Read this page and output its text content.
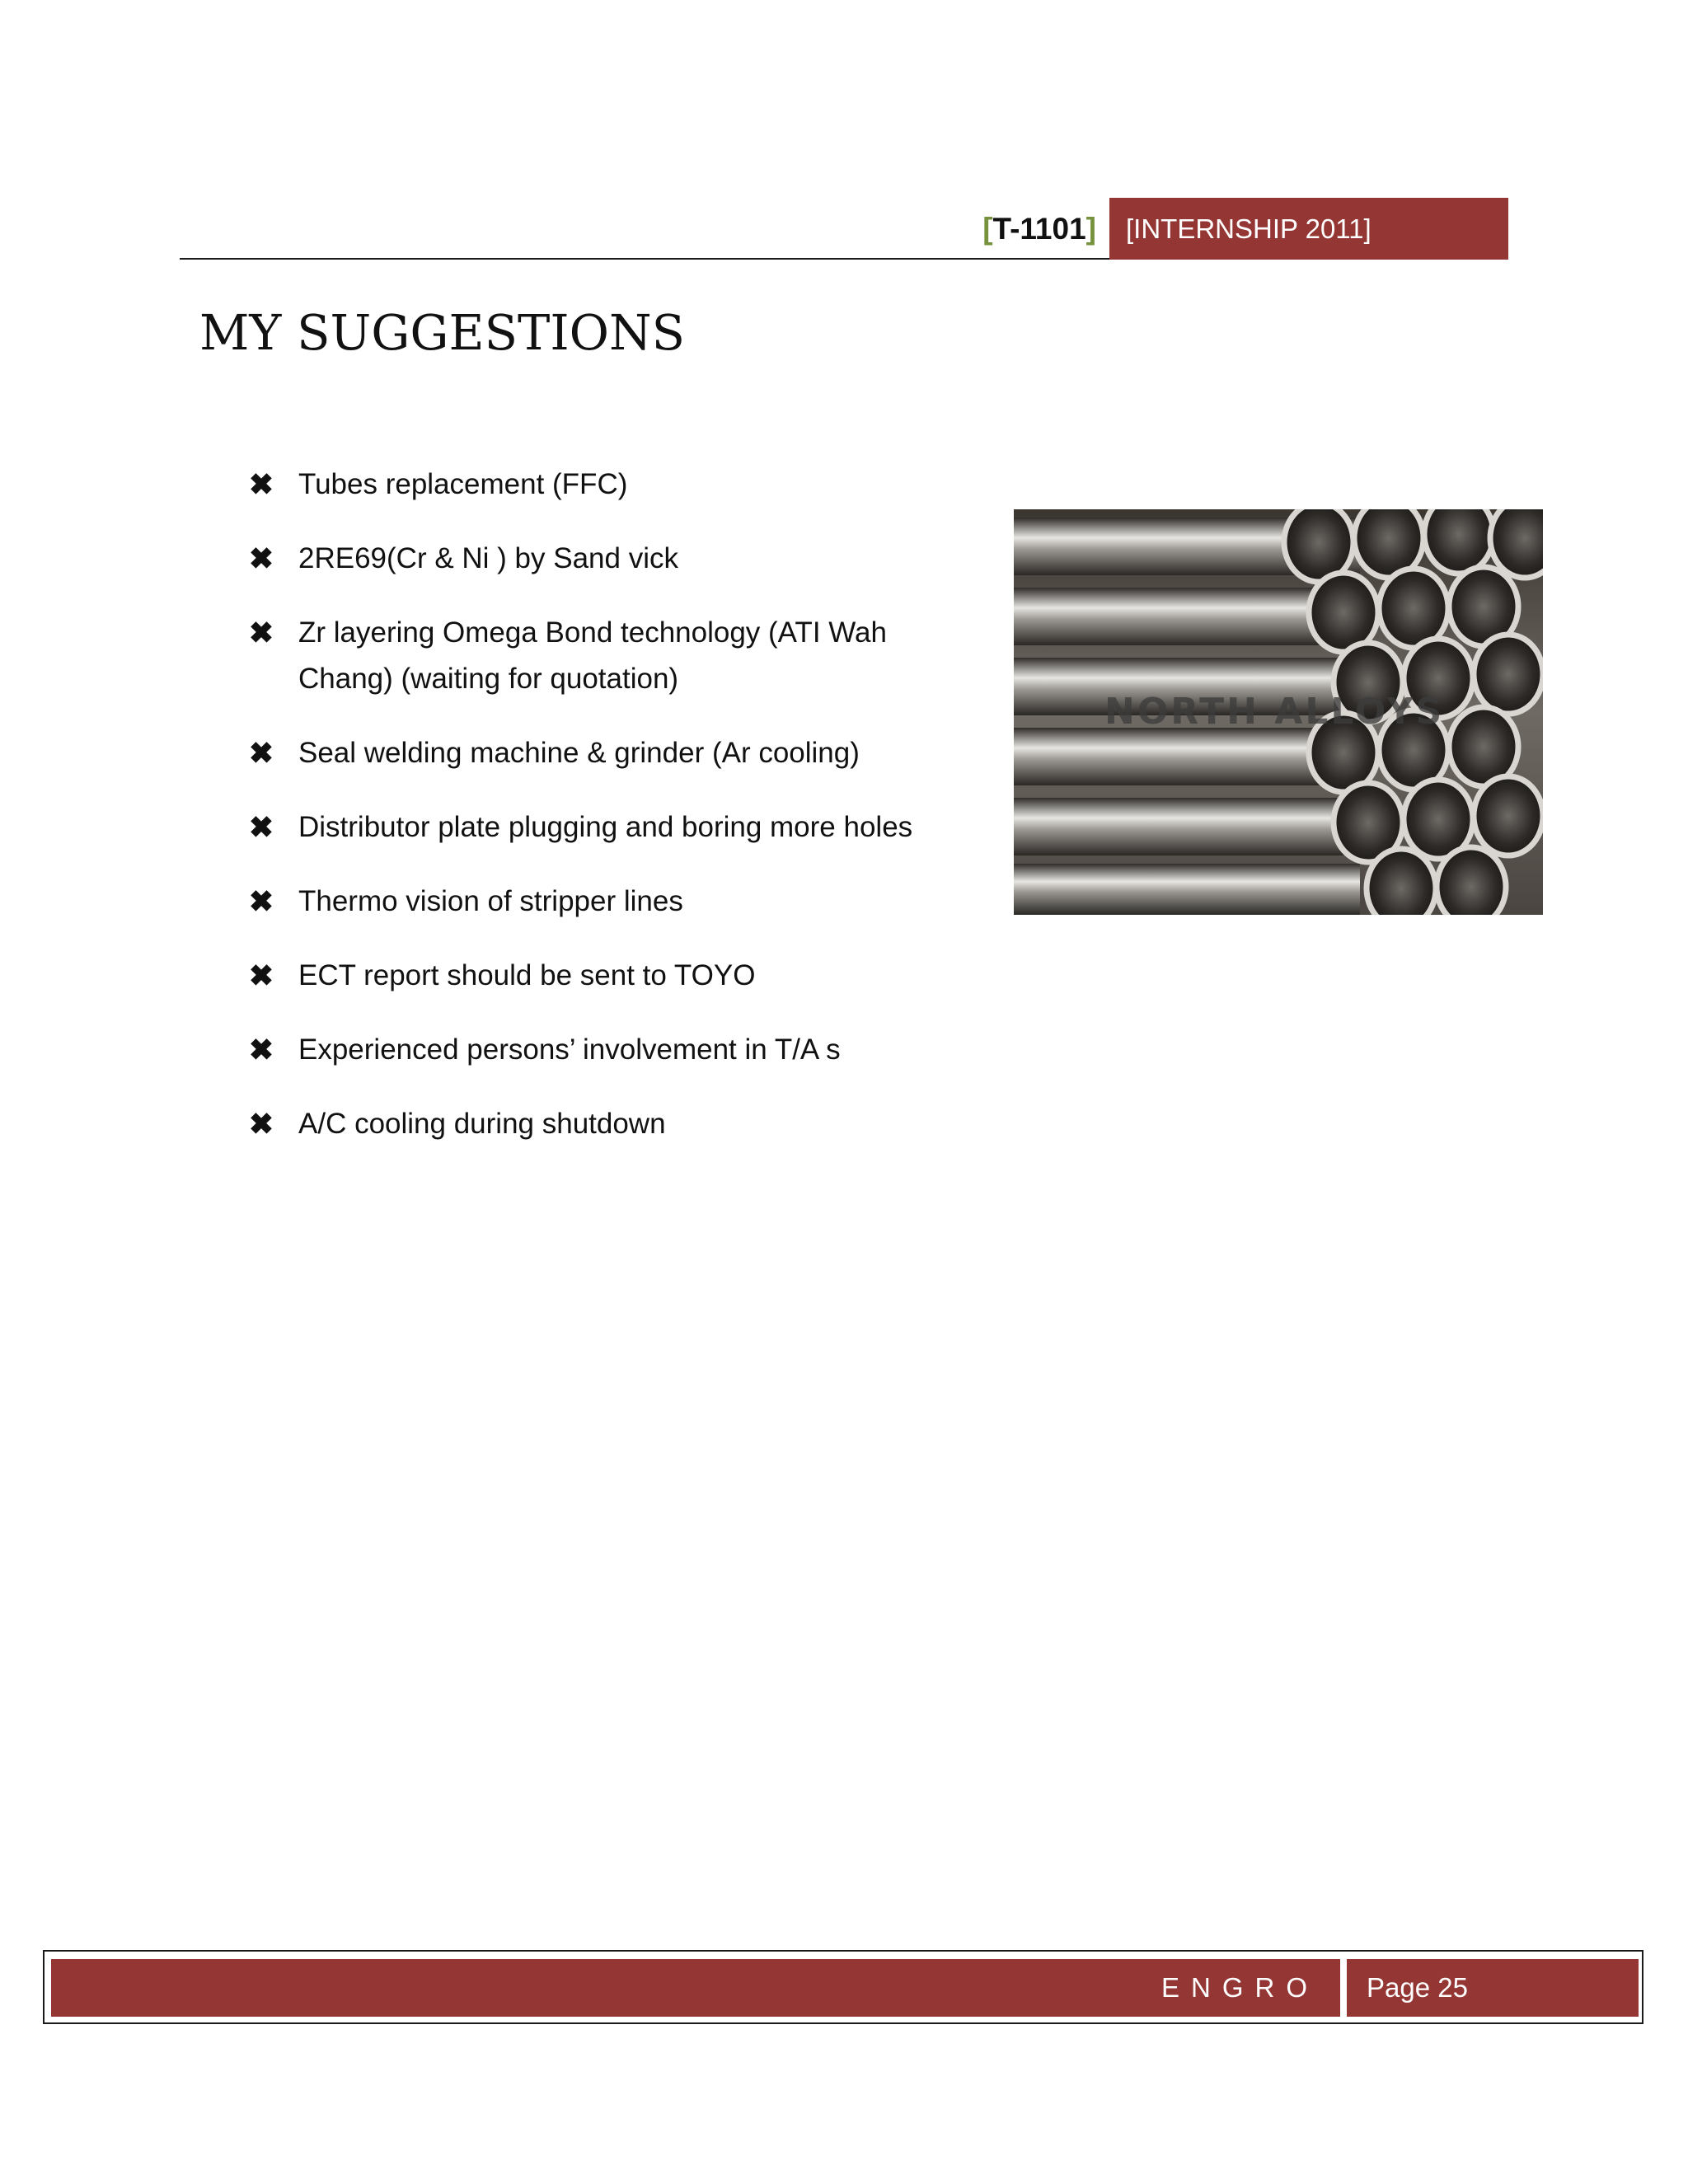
[T-1101] [INTERNSHIP 2011]
MY SUGGESTIONS
✖ Tubes replacement (FFC)
✖ 2RE69(Cr & Ni ) by Sand vick
✖ Zr layering Omega Bond technology (ATI Wah Chang) (waiting for quotation)
✖ Seal welding machine & grinder (Ar cooling)
✖ Distributor plate plugging and boring more holes
✖ Thermo vision of stripper lines
✖ ECT report should be sent to TOYO
✖ Experienced persons’ involvement in T/A s
✖ A/C cooling during shutdown
NORTH ALLOYS
ENGRO FERTILIZERS
Page 25
